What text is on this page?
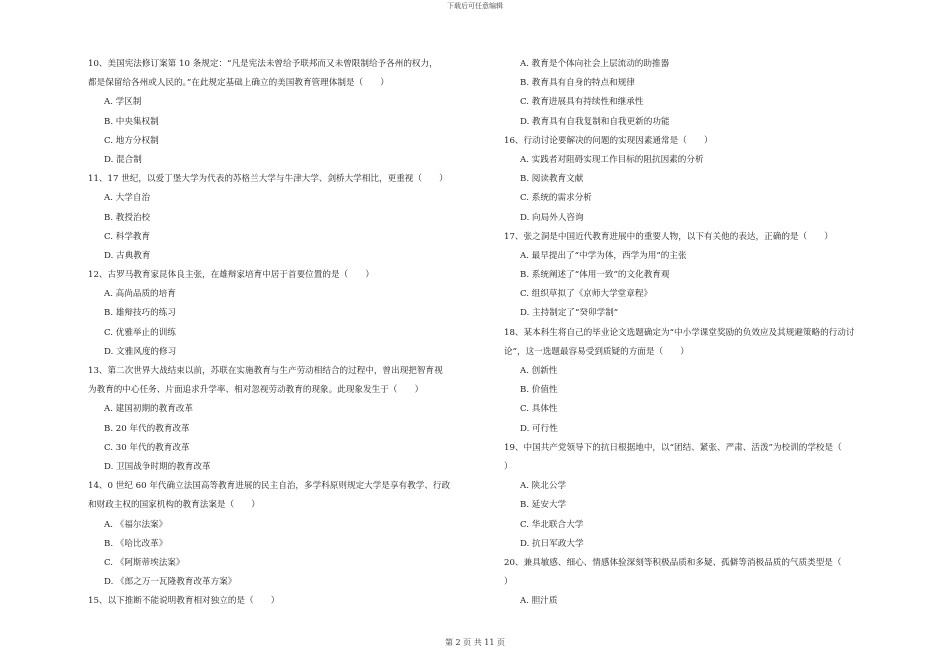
下载后可任意编辑
10、美国宪法修订案第 10 条规定：“凡是宪法未曾给予联邦而又未曾限制给予各州的权力，
都是保留给各州或人民的。”在此规定基础上确立的美国教育管理体制是（　　）
A. 学区制
B. 中央集权制
C. 地方分权制
D. 混合制
11、17 世纪，以爱丁堡大学为代表的苏格兰大学与牛津大学、剑桥大学相比，更重视（　　）
A. 大学自治
B. 教授治校
C. 科学教育
D. 古典教育
12、古罗马教育家昆体良主张，在雄辩家培育中居于首要位置的是（　　）
A. 高尚品质的培育
B. 雄辩技巧的练习
C. 优雅举止的训练
D. 文雅风度的修习
13、第二次世界大战结束以前，苏联在实施教育与生产劳动相结合的过程中，曾出现把智育视
为教育的中心任务、片面追求升学率、相对忽视劳动教育的现象。此现象发生于（　　）
A. 建国初期的教育改革
B. 20 年代的教育改革
C. 30 年代的教育改革
D. 卫国战争时期的教育改革
14、0 世纪 60 年代确立法国高等教育进展的民主自治，多学科原则规定大学是享有教学、行政
和财政主权的国家机构的教育法案是（　　）
A. 《福尔法案》
B. 《哈比改革》
C. 《阿斯蒂埃法案》
D. 《郎之万一瓦隆教育改革方案》
15、以下推断不能说明教育相对独立的是（　　）
A. 教育是个体向社会上层流动的助推器
B. 教育具有自身的特点和规律
C. 教育进展具有持续性和继承性
D. 教育具有自我复制和自我更新的功能
16、行动讨论要解决的问题的实现因素通常是（　　）
A. 实践者对阻碍实现工作目标的阻抗因素的分析
B. 阅读教育文献
C. 系统的需求分析
D. 向局外人咨询
17、张之洞是中国近代教育进展中的重要人物，以下有关他的表达，正确的是（　　）
A. 最早提出了“中学为体，西学为用”的主张
B. 系统阐述了“体用一致”的文化教育观
C. 组织草拟了《京师大学堂章程》
D. 主持制定了“癸卯学制”
18、某本科生将自己的毕业论文选题确定为“中小学课堂奖励的负效应及其规避策略的行动讨
论”，这一选题最容易受到质疑的方面是（　　）
A. 创新性
B. 价值性
C. 具体性
D. 可行性
19、中国共产党领导下的抗日根据地中，以“团结、紧张、严肃、活泼”为校训的学校是（
）
A. 陕北公学
B. 延安大学
C. 华北联合大学
D. 抗日军政大学
20、兼具敏感、细心、情感体验深刻等积极品质和多疑、孤僻等消极品质的气质类型是（
）
A. 胆汁质
第 2 页 共 11 页
